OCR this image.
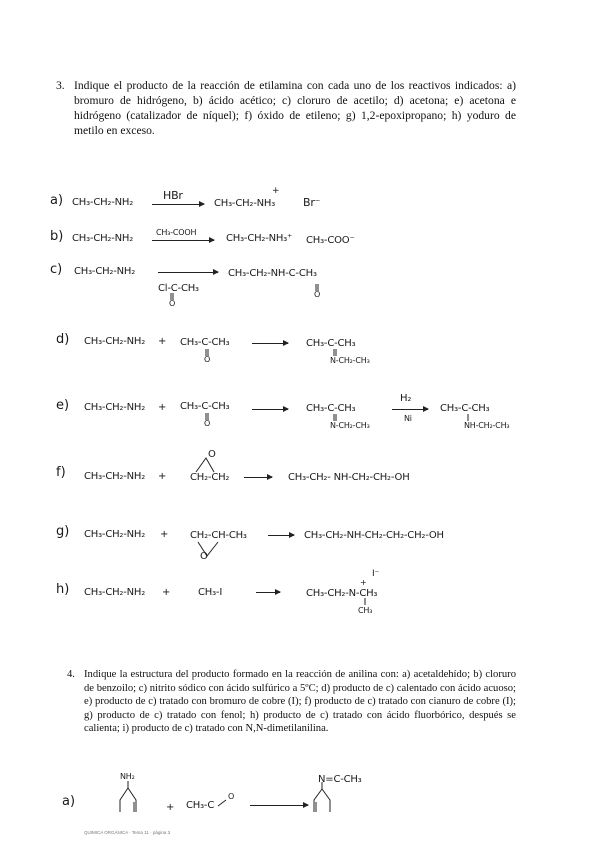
3. Indique el producto de la reacción de etilamina con cada uno de los reactivos indicados: a) bromuro de hidrógeno, b) ácido acético; c) cloruro de acetilo; d) acetona; e) acetona e hidrógeno (catalizador de níquel); f) óxido de etileno; g) 1,2-epoxipropano; h) yoduro de metilo en exceso.
a) CH₃-CH₂-NH₂
HBr
CH₃-CH₂-NH₃
+
Br⁻
b) CH₃-CH₂-NH₂
CH₃-COOH
CH₃-CH₂-NH₃⁺ CH₃-COO⁻
c) CH₃-CH₂-NH₂
Cl-C-CH₃
O
CH₃-CH₂-NH-C-CH₃
O
d) CH₃-CH₂-NH₂ + CH₃-C-CH₃
O
CH₃-C-CH₃
N-CH₂-CH₃
e) CH₃-CH₂-NH₂ + CH₃-C-CH₃
O
CH₃-C-CH₃
N-CH₂-CH₃
H₂
Ni
CH₃-C-CH₃
NH-CH₂-CH₃
f) CH₃-CH₂-NH₂ +
O
CH₂-CH₂	CH₃-CH₂- NH-CH₂-CH₂-OH
g) CH₃-CH₂-NH₂ + CH₂-CH-CH₃
O
CH₃-CH₂-NH-CH₂-CH₂-CH₂-OH
h) CH₃-CH₂-NH₂ +	CH₃-I
I⁻
+
CH₃-CH₂-N-CH₃
CH₃
4. Indique la estructura del producto formado en la reacción de anilina con: a) acetaldehído; b) cloruro de benzoilo; c) nitrito sódico con ácido sulfúrico a 5ºC; d) producto de c) calentado con ácido acuoso; e) producto de c) tratado con bromuro de cobre (I); f) producto de c) tratado con cianuro de cobre (I); g) producto de c) tratado con fenol; h) producto de c) tratado con ácido fluorbórico, después se calienta; i) producto de c) tratado con N,N-dimetilanilina.
a)
NH₂
+ CH₃-C
O
N=C-CH₃
QUIMICA ORGÁNICA · Tema 11 · página 3
